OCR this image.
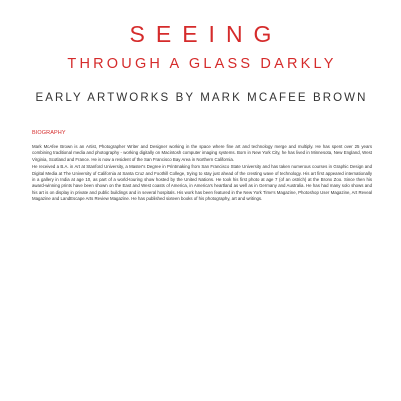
SEEING
THROUGH A GLASS DARKLY
EARLY ARTWORKS BY MARK MCAFEE BROWN
BIOGRAPHY

Mark McAfee Brown is an Artist, Photographer Writer and Designer working in the space where fine art and technology merge and multiply. He has spent over 25 years combining traditional media and photography - working digitally on Macintosh computer imaging systems. Born in New York City, he has lived in Minnesota, New England, West Virginia, Scotland and France. He is now a resident of the San Francisco Bay Area in Northern California.

He received a B.A. in Art at Stanford University, a Master's Degree in Printmaking from San Francisco State University and has taken numerous courses in Graphic Design and Digital Media at The University of California at Santa Cruz and Foothill College, trying to stay just ahead of the cresting wave of technology. His art first appeared internationally in a gallery in India at age 10, as part of a world-touring show hosted by the United Nations. He took his first photo at age 7 (of an ostrich) at the Bronx Zoo. Since then his award-winning prints have been shown on the East and West coasts of America, in America's heartland as well as in Germany and Australia. He has had many solo shows and his art is on display in private and public buildings and in several hospitals. His work has been featured in the New York Time's Magazine, Photoshop User Magazine, Art Reveal Magazine and LandEscape Arts Review Magazine. He has published sixteen books of his photography, art and writings.
